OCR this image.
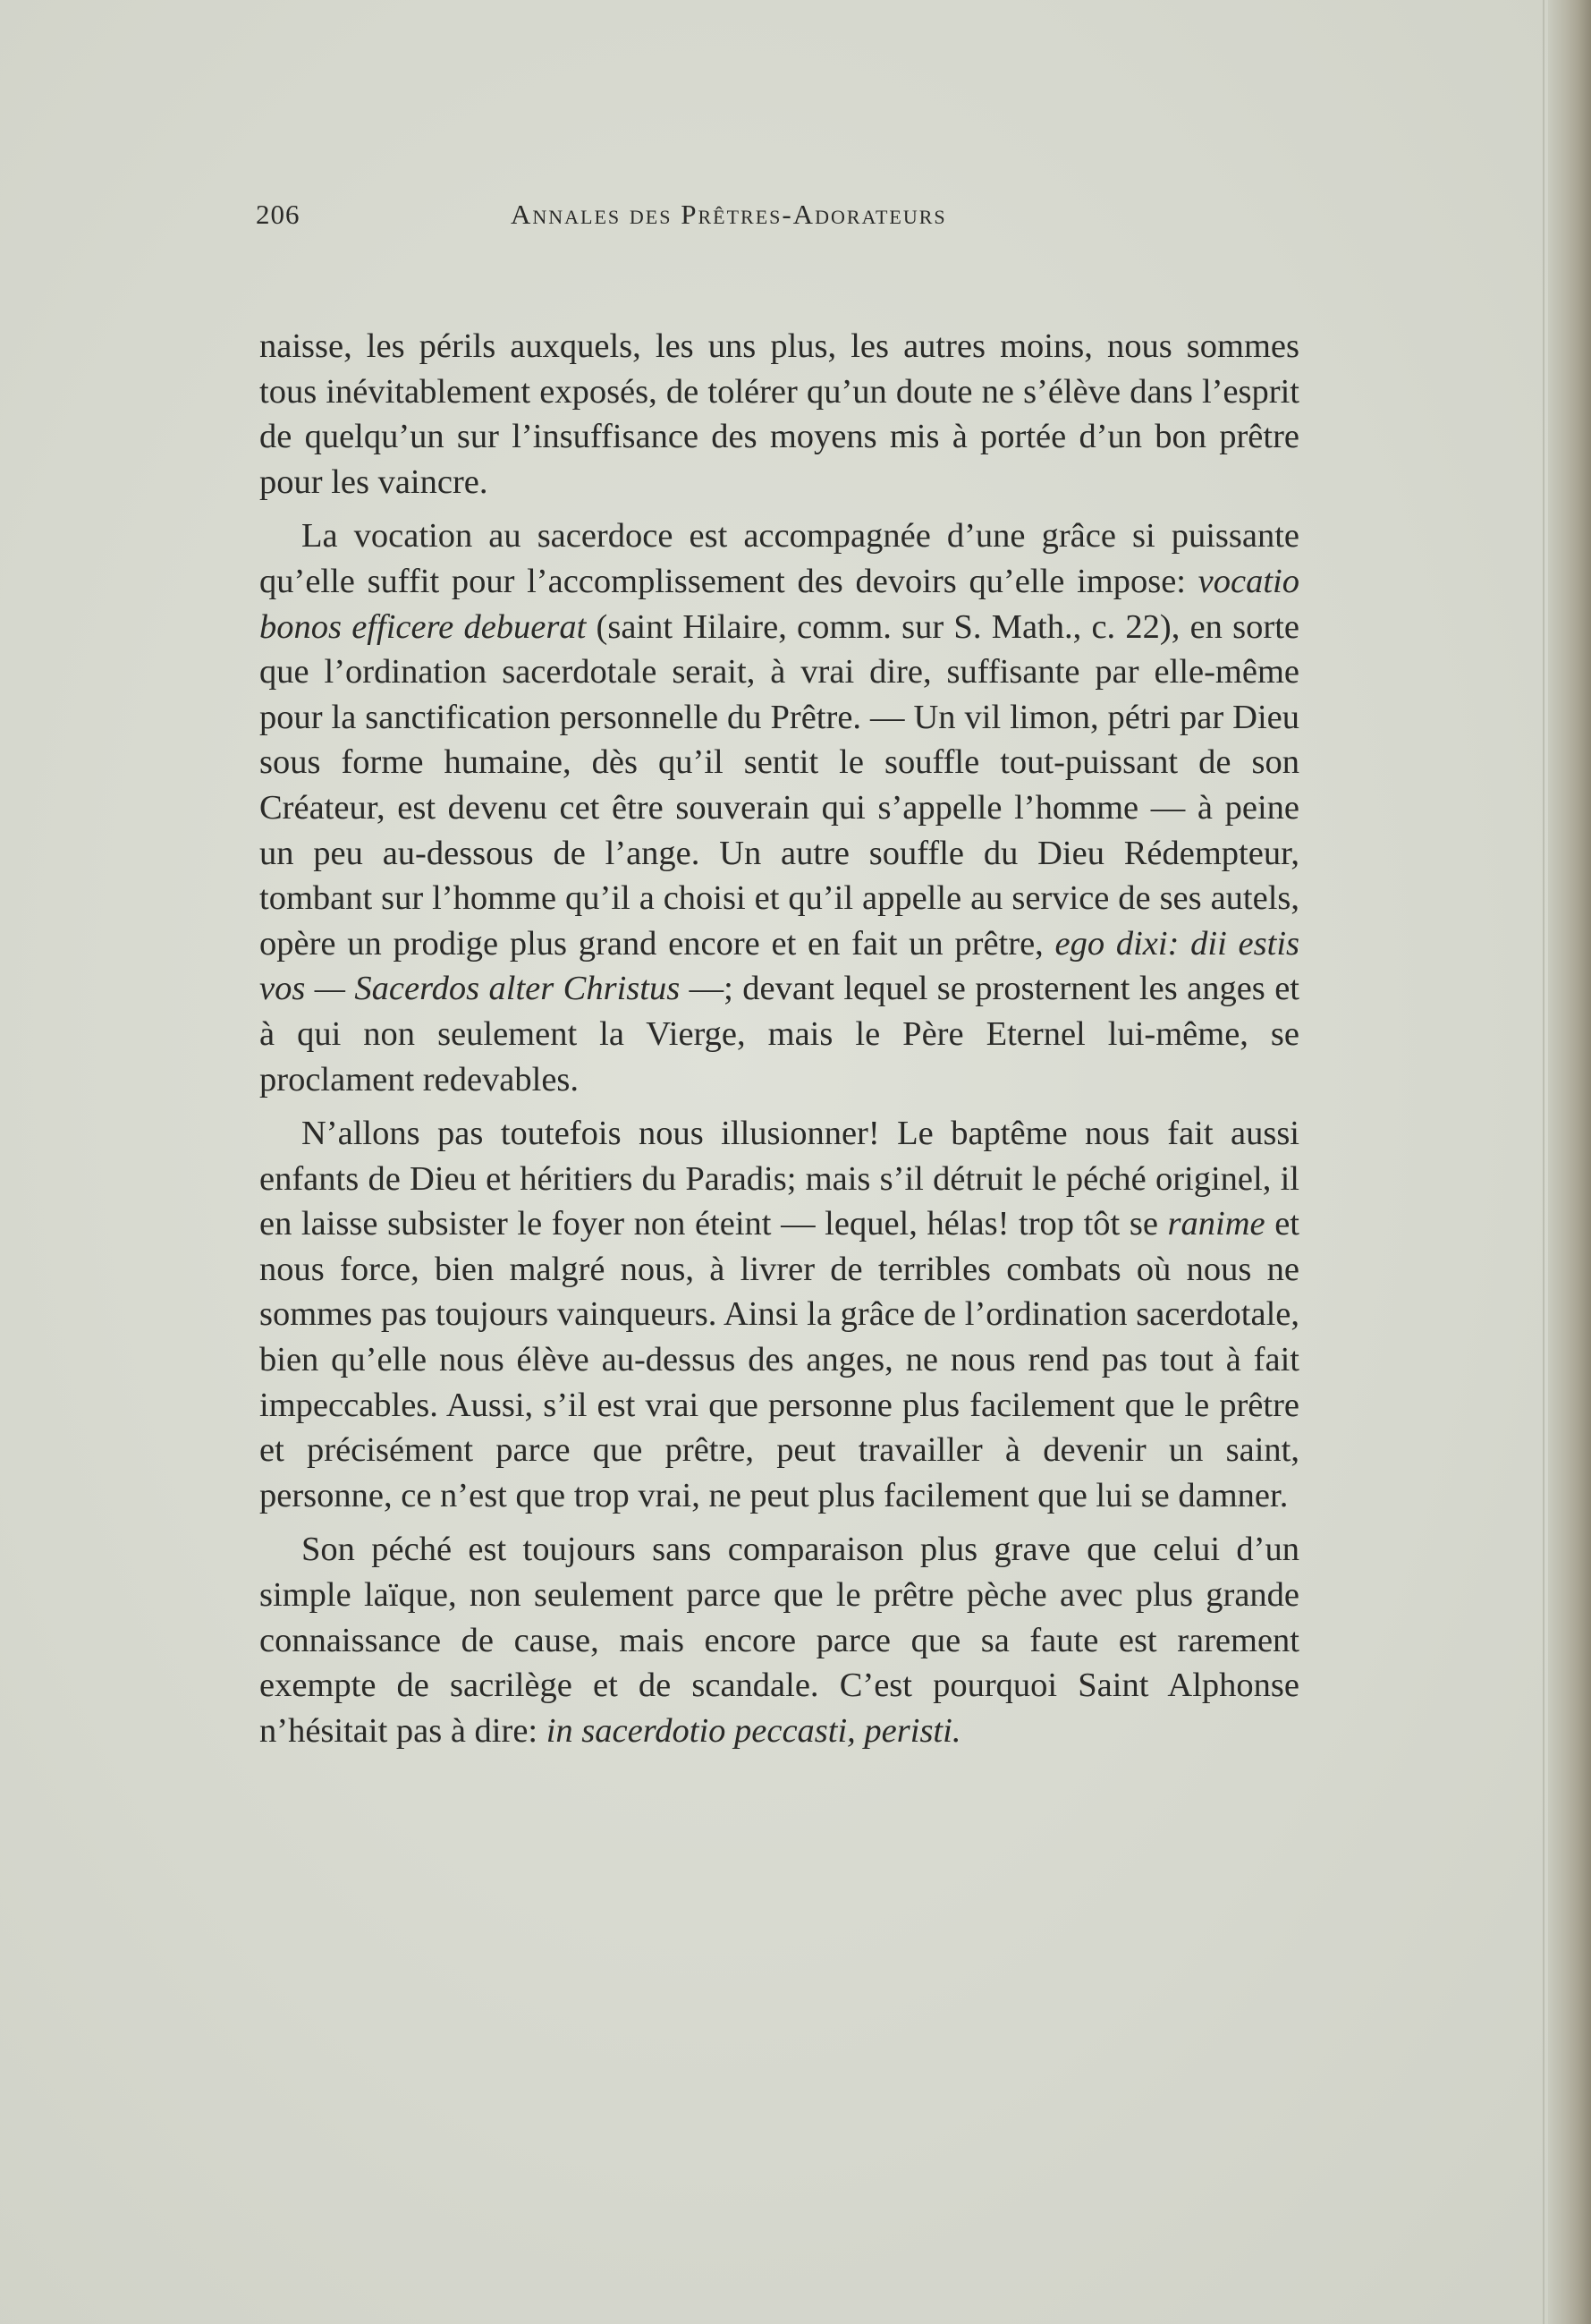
206	Annales des Prêtres-Adorateurs

naisse, les périls auxquels, les uns plus, les autres moins, nous sommes tous inévitablement exposés, de tolérer qu’un doute ne s’élève dans l’esprit de quelqu’un sur l’insuffisance des moyens mis à portée d’un bon prêtre pour les vaincre.

La vocation au sacerdoce est accompagnée d’une grâce si puissante qu’elle suffit pour l’accomplissement des devoirs qu’elle impose: vocatio bonos efficere debuerat (saint Hilaire, comm. sur S. Math., c. 22), en sorte que l’ordination sacerdotale serait, à vrai dire, suffisante par elle-même pour la sanctification personnelle du Prêtre. — Un vil limon, pétri par Dieu sous forme humaine, dès qu’il sentit le souffle tout-puissant de son Créateur, est devenu cet être souverain qui s’appelle l’homme — à peine un peu au-dessous de l’ange. Un autre souffle du Dieu Rédempteur, tombant sur l’homme qu’il a choisi et qu’il appelle au service de ses autels, opère un prodige plus grand encore et en fait un prêtre, ego dixi: dii estis vos — Sacerdos alter Christus —; devant lequel se prosternent les anges et à qui non seulement la Vierge, mais le Père Eternel lui-même, se proclament redevables.

N’allons pas toutefois nous illusionner! Le baptême nous fait aussi enfants de Dieu et héritiers du Paradis; mais s’il détruit le péché originel, il en laisse subsister le foyer non éteint — lequel, hélas! trop tôt se ranime et nous force, bien malgré nous, à livrer de terribles combats où nous ne sommes pas toujours vainqueurs. Ainsi la grâce de l’ordination sacerdotale, bien qu’elle nous élève au-dessus des anges, ne nous rend pas tout à fait impeccables. Aussi, s’il est vrai que personne plus facilement que le prêtre et précisément parce que prêtre, peut travailler à devenir un saint, personne, ce n’est que trop vrai, ne peut plus facilement que lui se damner.

Son péché est toujours sans comparaison plus grave que celui d’un simple laïque, non seulement parce que le prêtre pèche avec plus grande connaissance de cause, mais encore parce que sa faute est rarement exempte de sacrilège et de scandale. C’est pourquoi Saint Alphonse n’hésitait pas à dire: in sacerdotio peccasti, peristi.
